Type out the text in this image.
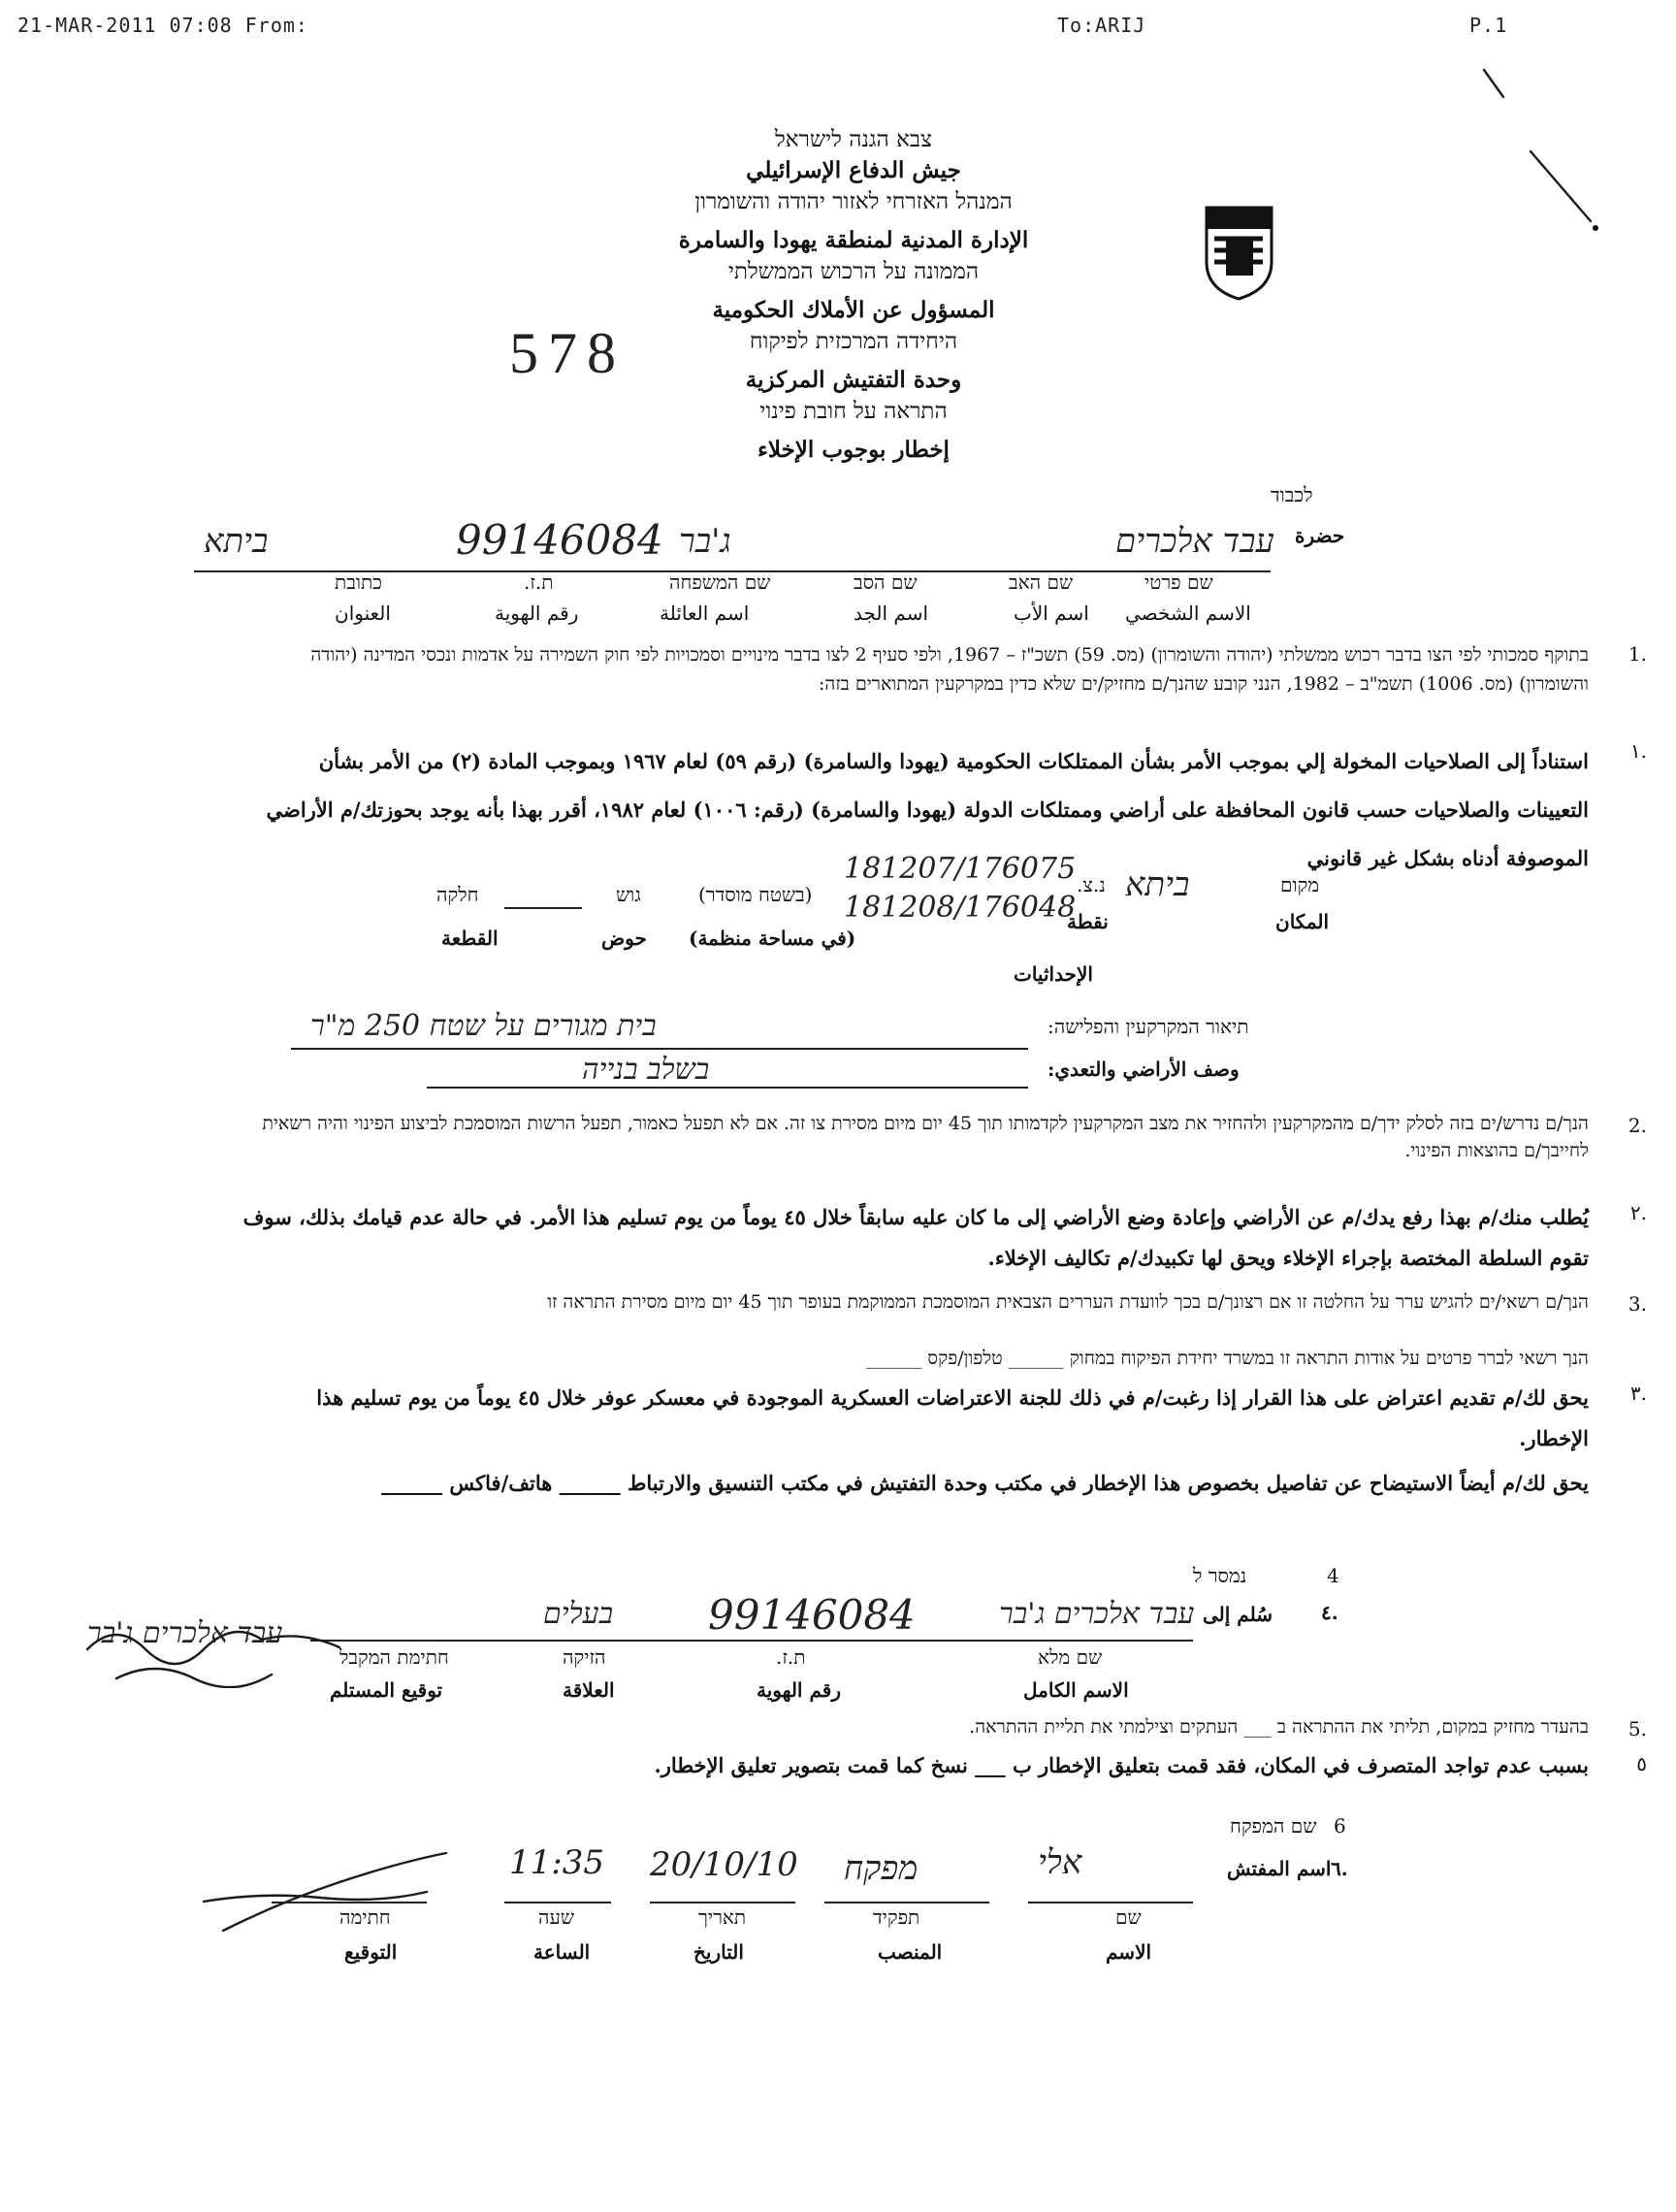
21-MAR-2011 07:08 From:	To:ARIJ	P.1
צבא הגנה לישראל
جيش الدفاع الإسرائيلي
המנהל האזרחי לאזור יהודה והשומרון
الإدارة المدنية لمنطقة يهودا والسامرة
הממונה על הרכוש הממשלתי
المسؤول عن الأملاك الحكومية
היחידה המרכזית לפיקוח
وحدة التفتيش المركزية
התראה על חובת פינוי
إخطار بوجوب الإخلاء
578
לכבוד
حضرة
עבד אלכרים
ג'בר
99146084
ביתא
שם פרטי
שם האב
שם הסב
שם המשפחה
ת.ז.
כתובת
الاسم الشخصي
اسم الأب
اسم الجد
اسم العائلة
رقم الهوية
العنوان
1.
בתוקף סמכותי לפי הצו בדבר רכוש ממשלתי (יהודה והשומרון) (מס. 59) תשכ"ז – 1967, ולפי סעיף 2 לצו בדבר מינויים וסמכויות לפי חוק השמירה על אדמות ונכסי המדינה (יהודה והשומרון) (מס. 1006) תשמ"ב – 1982, הנני קובע שהנך/ם מחזיק/ים שלא כדין במקרקעין המתוארים בזה:
١.
استناداً إلى الصلاحيات المخولة إلي بموجب الأمر بشأن الممتلكات الحكومية (يهودا والسامرة) (رقم ٥٩) لعام ١٩٦٧ وبموجب المادة (٢) من الأمر بشأن التعيينات والصلاحيات حسب قانون المحافظة على أراضي وممتلكات الدولة (يهودا والسامرة) (رقم: ١٠٠٦) لعام ١٩٨٢، أقرر بهذا بأنه يوجد بحوزتك/م الأراضي الموصوفة أدناه بشكل غير قانوني
מקום
المكان
ביתא
נ.צ.
نقطة
181207/176075
181208/176048
(בשטח מוסדר)
(في مساحة منظمة)
גוש
حوض
חלקה
القطعة
الإحداثيات
תיאור המקרקעין והפלישה:
وصف الأراضي والتعدي:
בית מגורים על שטח 250 מ"ר
בשלב בנייה
2.
הנך/ם נדרש/ים בזה לסלק ידך/ם מהמקרקעין ולהחזיר את מצב המקרקעין לקדמותו תוך 45 יום מיום מסירת צו זה. אם לא תפעל כאמור, תפעל הרשות המוסמכת לביצוע הפינוי והיה רשאית לחייבך/ם בהוצאות הפינוי.
٢.
يُطلب منك/م بهذا رفع يدك/م عن الأراضي وإعادة وضع الأراضي إلى ما كان عليه سابقاً خلال ٤٥ يوماً من يوم تسليم هذا الأمر. في حالة عدم قيامك بذلك، سوف تقوم السلطة المختصة بإجراء الإخلاء ويحق لها تكبيدك/م تكاليف الإخلاء.
3.
הנך/ם רשאי/ים להגיש ערר על החלטה זו אם רצונך/ם בכך לוועדת העררים הצבאית המוסמכת הממוקמת בעופר תוך 45 יום מיום מסירת התראה זו
הנך רשאי לברר פרטים על אודות התראה זו במשרד יחידת הפיקוח במחוק ______ טלפון/פקס ______
٣.
يحق لك/م تقديم اعتراض على هذا القرار إذا رغبت/م في ذلك للجنة الاعتراضات العسكرية الموجودة في معسكر عوفر خلال ٤٥ يوماً من يوم تسليم هذا الإخطار.
يحق لك/م أيضاً الاستيضاح عن تفاصيل بخصوص هذا الإخطار في مكتب وحدة التفتيش في مكتب التنسيق والارتباط ______ هاتف/فاكس ______
4
נמסר ל
٤.
سُلم إلى
עבד אלכרים ג'בר
99146084
בעלים
עבד אלכרים ג'בר
שם מלא
الاسم الكامل
ת.ז.
رقم الهوية
הזיקה
العلاقة
חתימת המקבל
توقيع المستلم
5.
בהעדר מחזיק במקום, תליתי את ההתראה ב ___ העתקים וצילמתי את תליית ההתראה.
٥
بسبب عدم تواجد المتصرف في المكان، فقد قمت بتعليق الإخطار ب ___ نسخ كما قمت بتصوير تعليق الإخطار.
שם המפקח 6
اسم المفتش ٦.
אלי
מפקח
20/10/10
11:35
שם
الاسم
תפקיד
المنصب
תאריך
التاريخ
שעה
الساعة
חתימה
التوقيع
